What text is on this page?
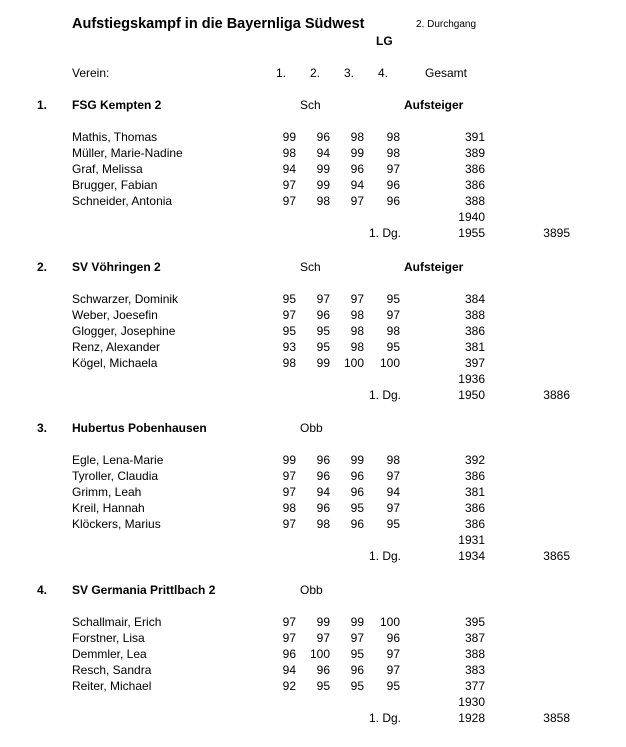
Aufstiegskampf in die Bayernliga Südwest	2. Durchgang
LG
Verein:	1. 2. 3. 4.	Gesamt
1. FSG Kempten 2	Sch	Aufsteiger
Mathis, Thomas	99	96	98	98	391
Müller, Marie-Nadine	98	94	99	98	389
Graf, Melissa	94	99	96	97	386
Brugger, Fabian	97	99	94	96	386
Schneider, Antonia	97	98	97	96	388
1940
1. Dg.	1955	3895
2. SV Vöhringen 2	Sch	Aufsteiger
Schwarzer, Dominik	95	97	97	95	384
Weber, Joesefin	97	96	98	97	388
Glogger, Josephine	95	95	98	98	386
Renz, Alexander	93	95	98	95	381
Kögel, Michaela	98	99	100	100	397
1936
1. Dg.	1950	3886
3. Hubertus Pobenhausen	Obb
Egle, Lena-Marie	99	96	99	98	392
Tyroller, Claudia	97	96	96	97	386
Grimm, Leah	97	94	96	94	381
Kreil, Hannah	98	96	95	97	386
Klöckers, Marius	97	98	96	95	386
1931
1. Dg.	1934	3865
4. SV Germania Prittlbach 2	Obb
Schallmair, Erich	97	99	99	100	395
Forstner, Lisa	97	97	97	96	387
Demmler, Lea	96	100	95	97	388
Resch, Sandra	94	96	96	97	383
Reiter, Michael	92	95	95	95	377
1930
1. Dg.	1928	3858
